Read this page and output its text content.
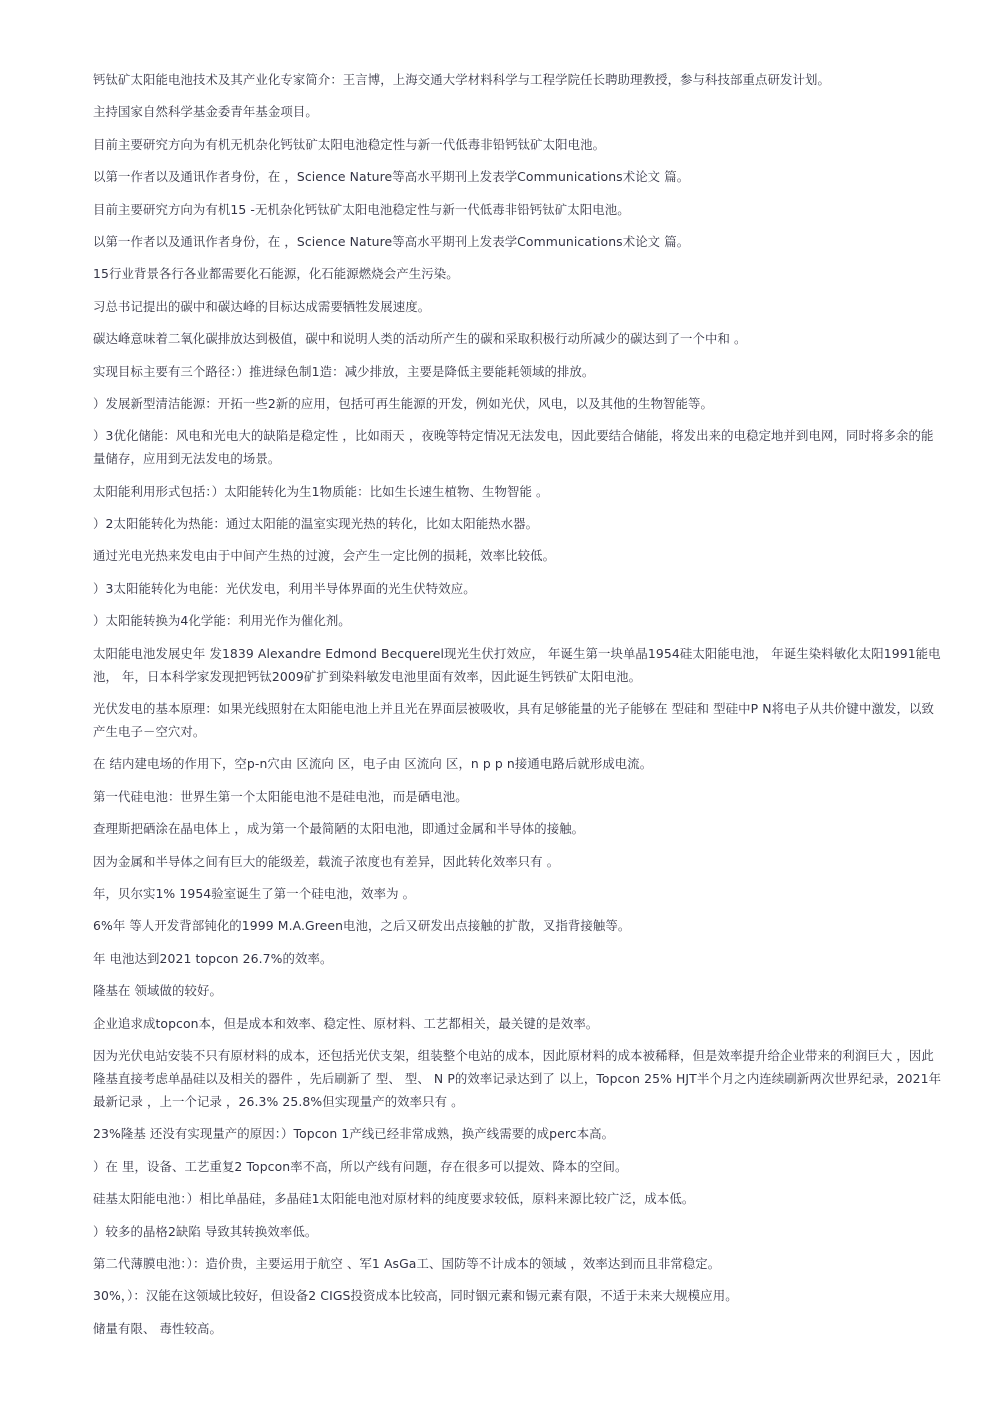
钙钛矿太阳能电池技术及其产业化专家简介：王言博，上海交通大学材料科学与工程学院任长聘助理教授，参与科技部重点研发计划。

主持国家自然科学基金委青年基金项目。

目前主要研究方向为有机无机杂化钙钛矿太阳电池稳定性与新一代低毒非铅钙钛矿太阳电池。

以第一作者以及通讯作者身份，在 ，Science Nature等高水平期刊上发表学Communications术论文 篇。

目前主要研究方向为有机15 -无机杂化钙钛矿太阳电池稳定性与新一代低毒非铅钙钛矿太阳电池。

以第一作者以及通讯作者身份，在 ，Science Nature等高水平期刊上发表学Communications术论文 篇。

15行业背景各行各业都需要化石能源，化石能源燃烧会产生污染。

习总书记提出的碳中和碳达峰的目标达成需要牺牲发展速度。

碳达峰意味着二氧化碳排放达到极值，碳中和说明人类的活动所产生的碳和采取积极行动所减少的碳达到了一个中和 。

实现目标主要有三个路径：）推进绿色制1造：减少排放，主要是降低主要能耗领域的排放。

）发展新型清洁能源：开拓一些2新的应用，包括可再生能源的开发，例如光伏，风电，以及其他的生物智能等。

）3优化储能：风电和光电大的缺陷是稳定性 ，比如雨天 ，夜晚等特定情况无法发电，因此要结合储能，将发出来的电稳定地并到电网，同时将多余的能量储存，应用到无法发电的场景。

太阳能利用形式包括：）太阳能转化为生1物质能：比如生长速生植物、生物智能 。

）2太阳能转化为热能：通过太阳能的温室实现光热的转化，比如太阳能热水器。

通过光电光热来发电由于中间产生热的过渡，会产生一定比例的损耗，效率比较低。

）3太阳能转化为电能：光伏发电，利用半导体界面的光生伏特效应。

）太阳能转换为4化学能：利用光作为催化剂。

太阳能电池发展史年 发1839 Alexandre Edmond Becquerel现光生伏打效应， 年诞生第一块单晶1954硅太阳能电池， 年诞生染料敏化太阳1991能电池， 年，日本科学家发现把钙钛2009矿扩到染料敏发电池里面有效率，因此诞生钙铁矿太阳电池。

光伏发电的基本原理：如果光线照射在太阳能电池上并且光在界面层被吸收，具有足够能量的光子能够在 型硅和 型硅中P N将电子从共价键中激发，以致产生电子－空穴对。

在 结内建电场的作用下，空p-n穴由 区流向 区，电子由 区流向 区，n p p n接通电路后就形成电流。

第一代硅电池：世界生第一个太阳能电池不是硅电池，而是硒电池。

查理斯把硒涂在晶电体上 ，成为第一个最简陋的太阳电池，即通过金属和半导体的接触。

因为金属和半导体之间有巨大的能级差，载流子浓度也有差异，因此转化效率只有 。

年，贝尔实1% 1954验室诞生了第一个硅电池，效率为 。

6%年 等人开发背部钝化的1999 M.A.Green电池，之后又研发出点接触的扩散，叉指背接触等。

年 电池达到2021 topcon 26.7%的效率。

隆基在 领域做的较好。

企业追求成topcon本，但是成本和效率、稳定性、原材料、工艺都相关，最关键的是效率。

因为光伏电站安装不只有原材料的成本，还包括光伏支架，组装整个电站的成本，因此原材料的成本被稀释，但是效率提升给企业带来的利润巨大 ，因此隆基直接考虑单晶硅以及相关的器件 ，先后刷新了 型、 型、 N P的效率记录达到了 以上，Topcon 25% HJT半个月之内连续刷新两次世界纪录，2021年最新记录 ，上一个记录 ，26.3% 25.8%但实现量产的效率只有 。

23%隆基 还没有实现量产的原因：）Topcon 1产线已经非常成熟，换产线需要的成perc本高。

）在 里，设备、工艺重复2 Topcon率不高，所以产线有问题，存在很多可以提效、降本的空间。

硅基太阳能电池：）相比单晶硅，多晶硅1太阳能电池对原材料的纯度要求较低，原料来源比较广泛，成本低。

）较多的晶格2缺陷 导致其转换效率低。

第二代薄膜电池：）：造价贵，主要运用于航空 、军1 AsGa工、国防等不计成本的领域 ，效率达到而且非常稳定。

30%，）：汉能在这领域比较好，但设备2 CIGS投资成本比较高，同时铟元素和锡元素有限，不适于未来大规模应用。

储量有限、 毒性较高。
